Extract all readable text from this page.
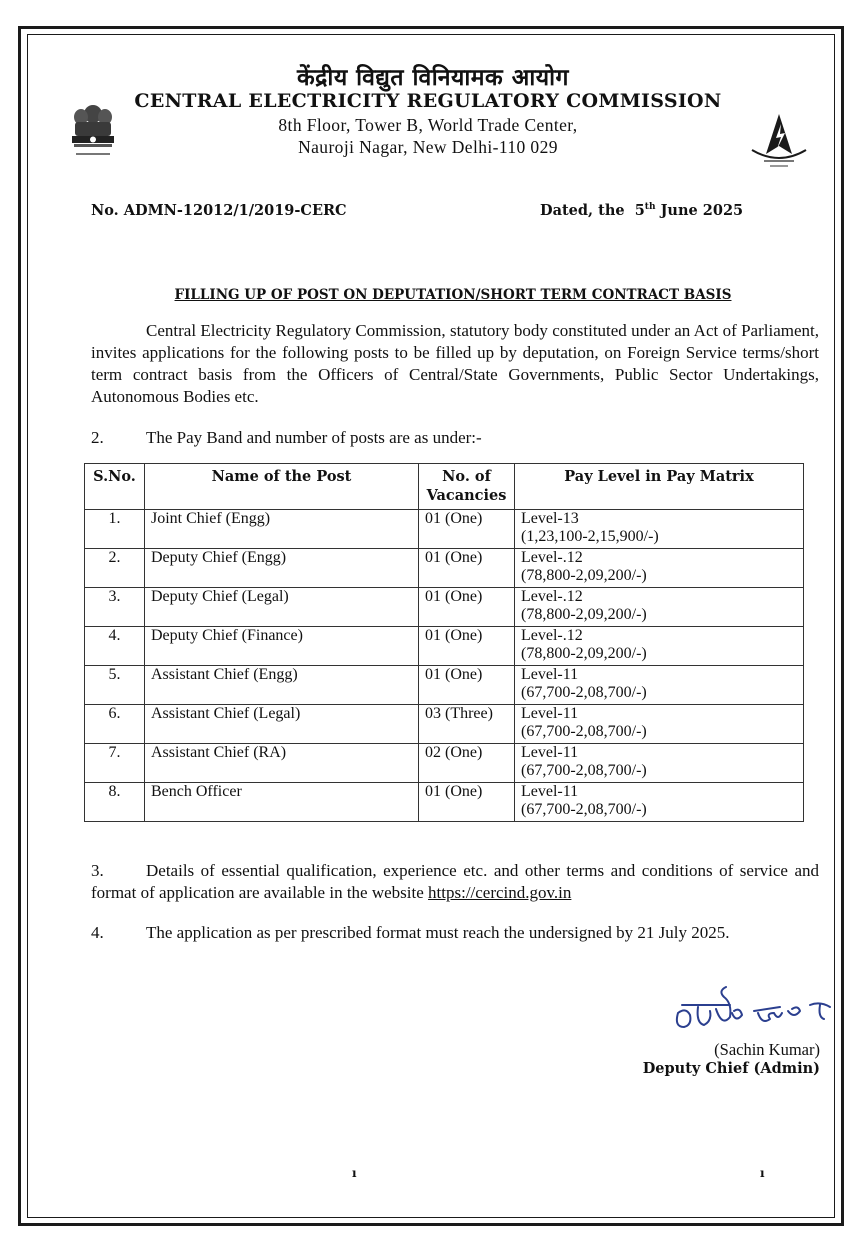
केंद्रीय विद्युत विनियामक आयोग
CENTRAL ELECTRICITY REGULATORY COMMISSION
8th Floor, Tower B, World Trade Center,
Nauroji Nagar, New Delhi-110 029
No. ADMN-12012/1/2019-CERC	Dated, the 5th June 2025
FILLING UP OF POST ON DEPUTATION/SHORT TERM CONTRACT BASIS
Central Electricity Regulatory Commission, statutory body constituted under an Act of Parliament, invites applications for the following posts to be filled up by deputation, on Foreign Service terms/short term contract basis from the Officers of Central/State Governments, Public Sector Undertakings, Autonomous Bodies etc.
2. The Pay Band and number of posts are as under:-
S.No.	Name of the Post	No. of Vacancies	Pay Level in Pay Matrix
1.	Joint Chief (Engg)	01 (One)	Level-13
(1,23,100-2,15,900/-)

2.	Deputy Chief (Engg)	01 (One)	Level-.12
(78,800-2,09,200/-)

3.	Deputy Chief (Legal)	01 (One)	Level-.12
(78,800-2,09,200/-)

4.	Deputy Chief (Finance)	01 (One)	Level-.12
(78,800-2,09,200/-)

5.	Assistant Chief (Engg)	01 (One)	Level-11
(67,700-2,08,700/-)

6.	Assistant Chief (Legal)	03 (Three)	Level-11
(67,700-2,08,700/-)

7.	Assistant Chief (RA)	02 (One)	Level-11
(67,700-2,08,700/-)

8.	Bench Officer	01 (One)	Level-11
(67,700-2,08,700/-)
3. Details of essential qualification, experience etc. and other terms and conditions of service and format of application are available in the website https://cercind.gov.in
4. The application as per prescribed format must reach the undersigned by 21 July 2025.
(Sachin Kumar)
Deputy Chief (Admin)
ı	ı
